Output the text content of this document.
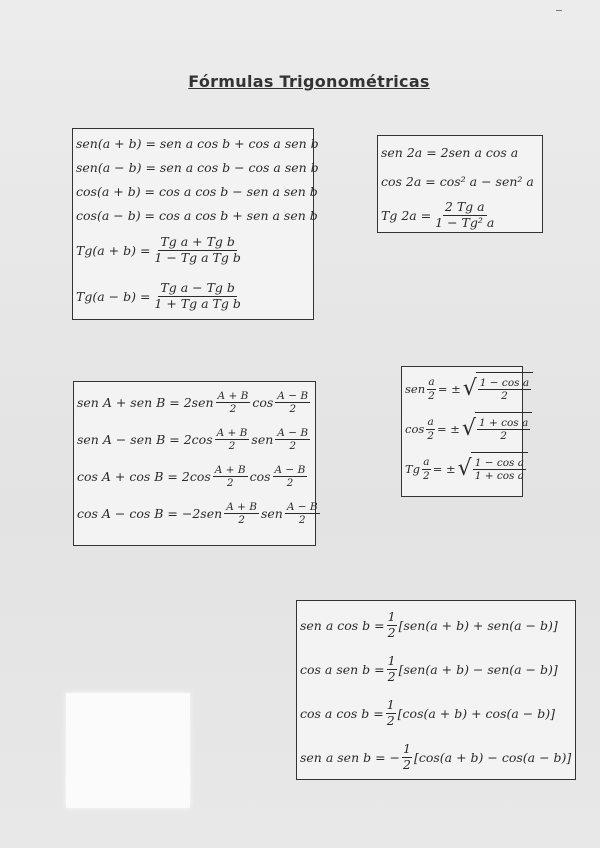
Fórmulas Trigonométricas
sen(a + b) = sen a cos b + cos a sen b
sen(a − b) = sen a cos b − cos a sen b
cos(a + b) = cos a cos b − sen a sen b
cos(a − b) = cos a cos b + sen a sen b
$Tg(a + b) = \frac{\text{Tg a + Tg b}}{\text{1 − Tg a Tg b}}$
$Tg(a - b) = \frac{\text{Tg a − Tg b}}{\text{1 + Tg a Tg b}}$
sen 2a = 2sen a cos a
cos 2a = cos² a − sen² a
Tg $2a = \frac{\text{2 Tg a}}{\text{1 − Tg² a}}$
sen A + sen $B = 2sen \frac{A + B}{2}$ $\cos \frac{A - B}{2}$
sen A − sen $B = 2\cos \frac{A + B}{2}$ sen $\frac{A - B}{2}$
$\cos A + \cos B = 2\cos \frac{A + B}{2}$ $\cos \frac{A - B}{2}$
$\cos A - \cos B = -2sen \frac{A + B}{2}$ sen $\frac{A - B}{2}$
sen $\frac{a}{2}$ = ± √ $\frac{\text{1 − cos a}}{2}$
$\cos \frac{a}{2}$ = ± √ $\frac{\text{1 + cos a}}{2}$
Tg $\frac{a}{2}$ = ± √ $\frac{\text{1 − cos a}}{\text{1 + cos a}}$
sen a $\cos b = \frac{1}{2} [sen(a + b) + sen(a - b)]$
cos a sen $b = \frac{1}{2} [sen(a + b) - sen(a - b)]$
cos a $\cos b = \frac{1}{2} [\cos(a + b) + \cos(a - b)]$
sen a sen b = − $\frac{1}{2} [\cos(a + b) - \cos(a - b)]$
